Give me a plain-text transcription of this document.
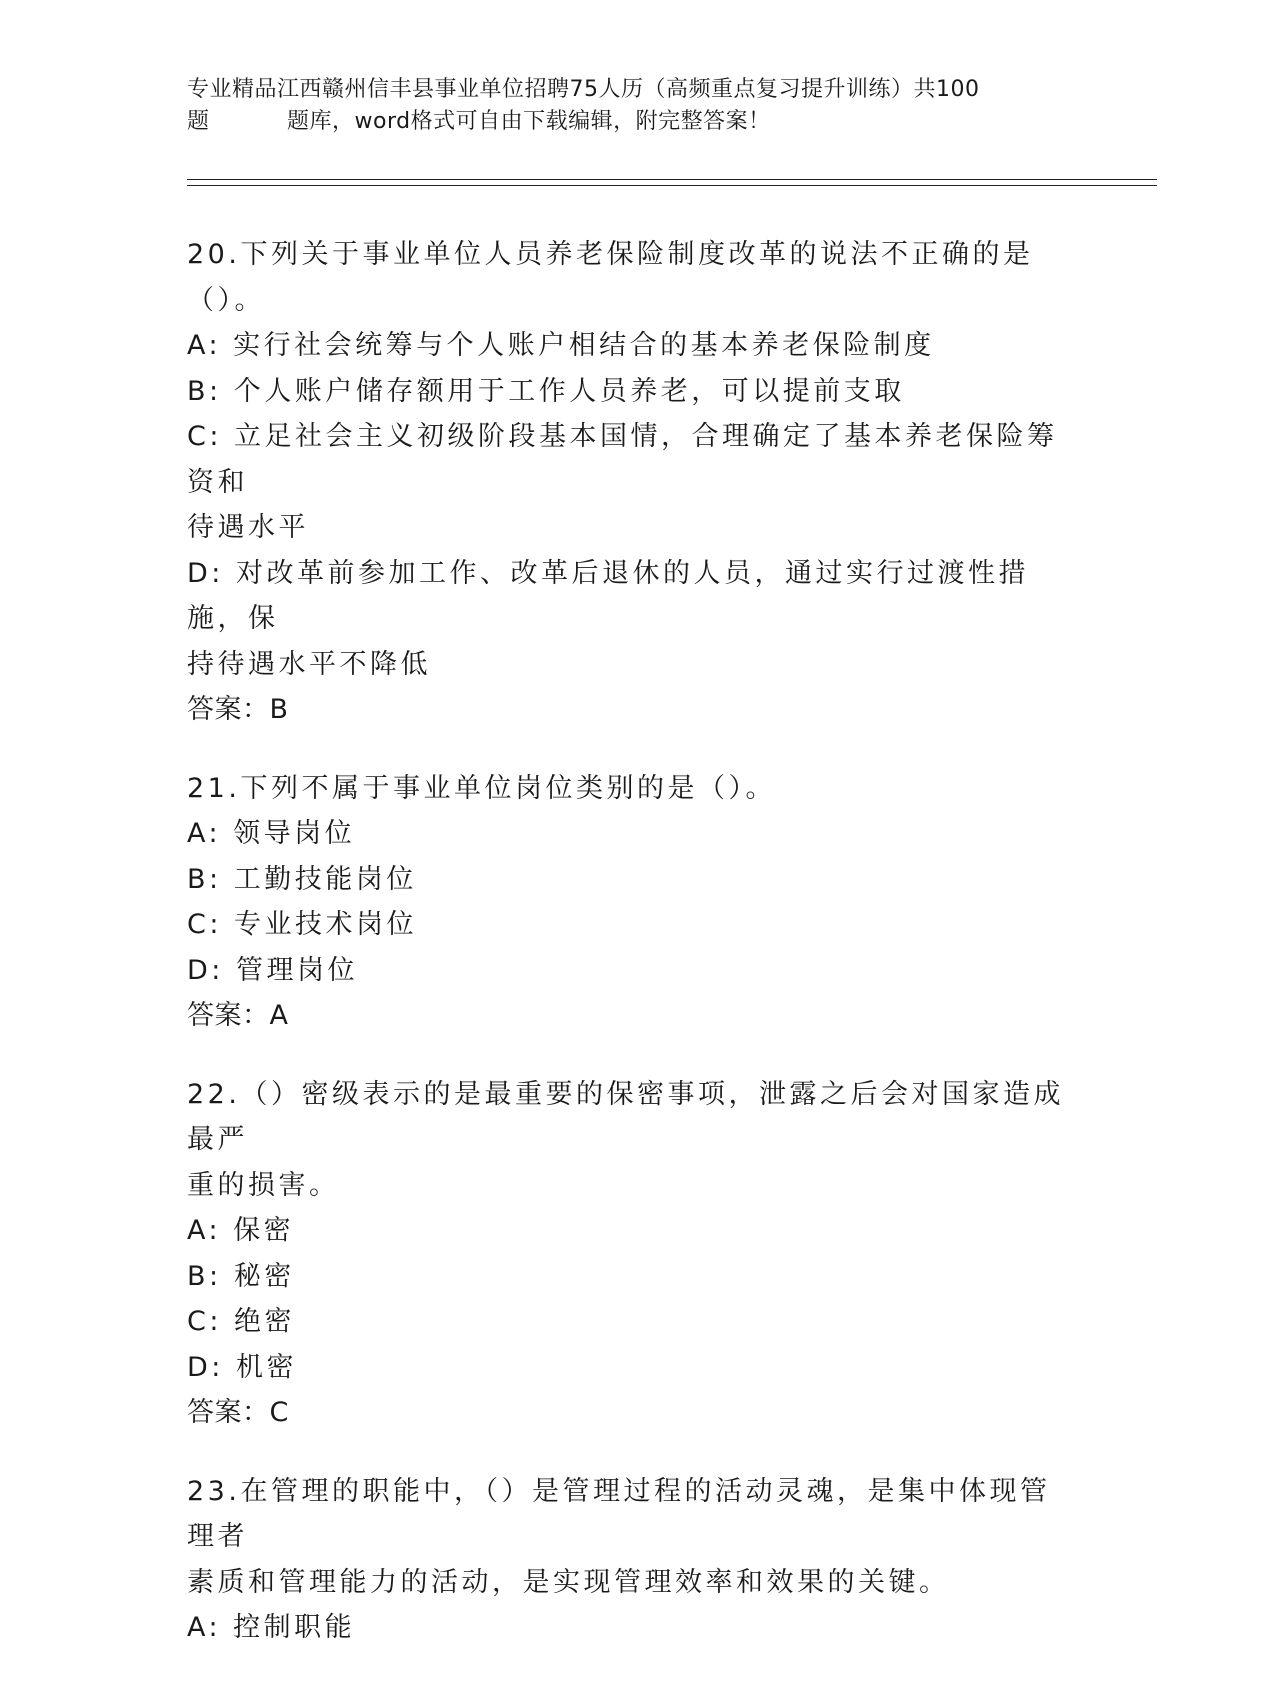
专业精品江西赣州信丰县事业单位招聘75人历（高频重点复习提升训练）共100
题	题库，word格式可自由下载编辑，附完整答案！
20.下列关于事业单位人员养老保险制度改革的说法不正确的是（）。
A: 实行社会统筹与个人账户相结合的基本养老保险制度
B: 个人账户储存额用于工作人员养老，可以提前支取
C: 立足社会主义初级阶段基本国情，合理确定了基本养老保险筹资和
待遇水平
D: 对改革前参加工作、改革后退休的人员，通过实行过渡性措施，保
持待遇水平不降低
答案：B
21.下列不属于事业单位岗位类别的是（）。
A: 领导岗位
B: 工勤技能岗位
C: 专业技术岗位
D: 管理岗位
答案：A
22.（）密级表示的是最重要的保密事项，泄露之后会对国家造成最严
重的损害。
A: 保密
B: 秘密
C: 绝密
D: 机密
答案：C
23.在管理的职能中，（）是管理过程的活动灵魂，是集中体现管理者
素质和管理能力的活动，是实现管理效率和效果的关键。
A: 控制职能
